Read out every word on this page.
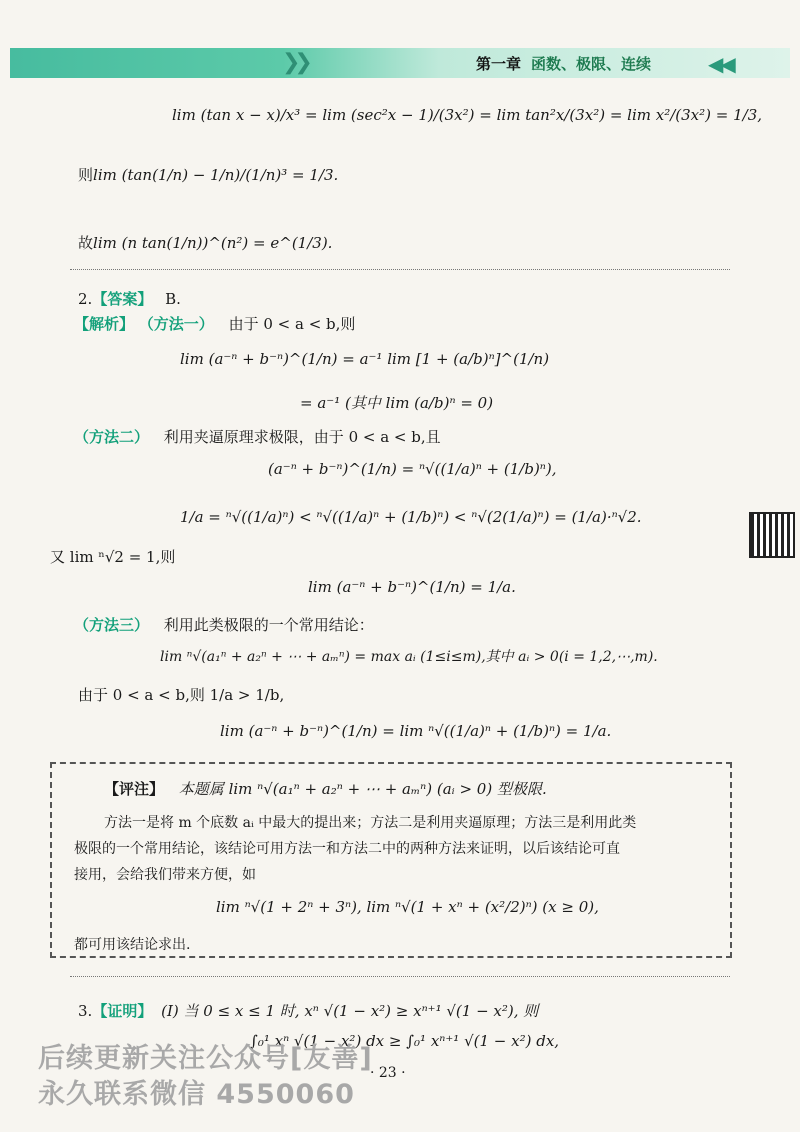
❯❯	第一章 函数、极限、连续	◀◀
lim (tan x − x)/x³ = lim (sec²x − 1)/(3x²) = lim tan²x/(3x²) = lim x²/(3x²) = 1/3,
则lim (tan(1/n) − 1/n)/(1/n)³ = 1/3.
故lim (n tan(1/n))^(n²) = e^(1/3).
2.【答案】 B.
【解析】 （方法一） 由于 0 < a < b,则
lim (a⁻ⁿ + b⁻ⁿ)^(1/n) = a⁻¹ lim [1 + (a/b)ⁿ]^(1/n)
= a⁻¹ (其中 lim (a/b)ⁿ = 0)
（方法二） 利用夹逼原理求极限，由于 0 < a < b,且
(a⁻ⁿ + b⁻ⁿ)^(1/n) = ⁿ√((1/a)ⁿ + (1/b)ⁿ),
1/a = ⁿ√((1/a)ⁿ) < ⁿ√((1/a)ⁿ + (1/b)ⁿ) < ⁿ√(2(1/a)ⁿ) = (1/a)·ⁿ√2.
又 lim ⁿ√2 = 1,则
lim (a⁻ⁿ + b⁻ⁿ)^(1/n) = 1/a.
（方法三） 利用此类极限的一个常用结论：
lim ⁿ√(a₁ⁿ + a₂ⁿ + ⋯ + aₘⁿ) = max aᵢ (1≤i≤m),其中 aᵢ > 0(i = 1,2,⋯,m).
由于 0 < a < b,则 1/a > 1/b,
lim (a⁻ⁿ + b⁻ⁿ)^(1/n) = lim ⁿ√((1/a)ⁿ + (1/b)ⁿ) = 1/a.
【评注】 本题属 lim ⁿ√(a₁ⁿ + a₂ⁿ + ⋯ + aₘⁿ) (aᵢ > 0) 型极限.
方法一是将 m 个底数 aᵢ 中最大的提出来；方法二是利用夹逼原理；方法三是利用此类
极限的一个常用结论，该结论可用方法一和方法二中的两种方法来证明，以后该结论可直
接用，会给我们带来方便，如
lim ⁿ√(1 + 2ⁿ + 3ⁿ), lim ⁿ√(1 + xⁿ + (x²/2)ⁿ) (x ≥ 0),
都可用该结论求出.
3.【证明】 (Ⅰ) 当 0 ≤ x ≤ 1 时, xⁿ √(1 − x²) ≥ xⁿ⁺¹ √(1 − x²), 则
∫₀¹ xⁿ √(1 − x²) dx ≥ ∫₀¹ xⁿ⁺¹ √(1 − x²) dx,
后续更新关注公众号[友善]
永久联系微信 4550060
· 23 ·
